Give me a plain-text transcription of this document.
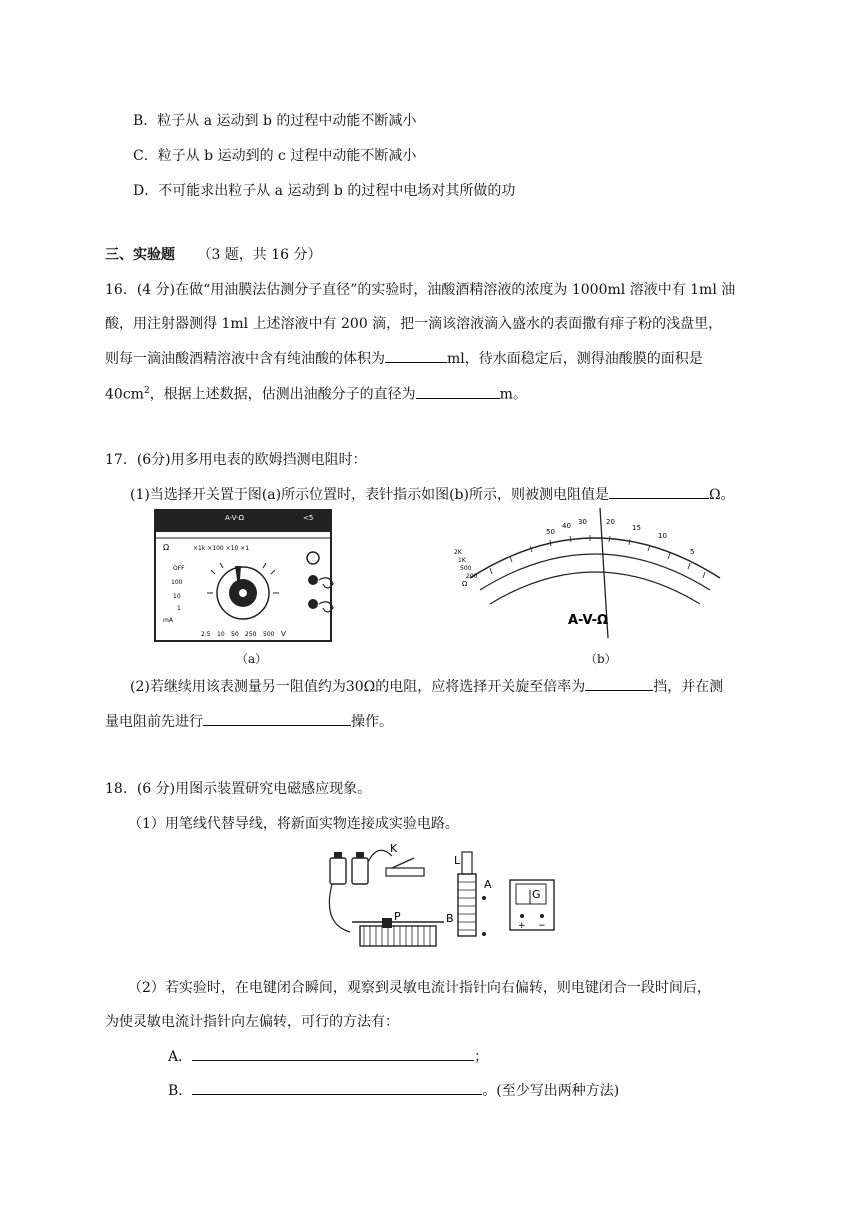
B．粒子从 a 运动到 b 的过程中动能不断减小
C．粒子从 b 运动到的 c 过程中动能不断减小
D．不可能求出粒子从 a 运动到 b 的过程中电场对其所做的功
三、实验题 （3 题，共 16 分）
16．(4 分)在做“用油膜法估测分子直径”的实验时，油酸酒精溶液的浓度为 1000ml 溶液中有 1ml 油
酸，用注射器测得 1ml 上述溶液中有 200 滴，把一滴该溶液滴入盛水的表面撒有痱子粉的浅盘里，
则每一滴油酸酒精溶液中含有纯油酸的体积为	ml，待水面稳定后，测得油酸膜的面积是
$40cm^2$，根据上述数据，估测出油酸分子的直径为	m。
17．(6分)用多用电表的欧姆挡测电阻时：
(1)当选择开关置于图(a)所示位置时，表针指示如图(b)所示，则被测电阻值是	Ω。
A-V-Ω	<5
Ω	×1k ×100 ×10 ×1
OFF
100
10
1
mA
2.5 10 50 250 500 V
（a）
50
40 30	20
15
10
5
2K
1K
500
200
Ω
A-V-Ω
（b）
(2)若继续用该表测量另一阻值约为30Ω的电阻，应将选择开关旋至倍率为	挡，并在测
量电阻前先进行	操作。
18．(6 分)用图示装置研究电磁感应现象。
（1）用笔线代替导线，将新面实物连接成实验电路。
K
P
L
A
B
G
+ −
（2）若实验时，在电键闭合瞬间，观察到灵敏电流计指针向右偏转，则电键闭合一段时间后，
为使灵敏电流计指针向左偏转，可行的方法有：
A．	；
B．	。(至少写出两种方法)
